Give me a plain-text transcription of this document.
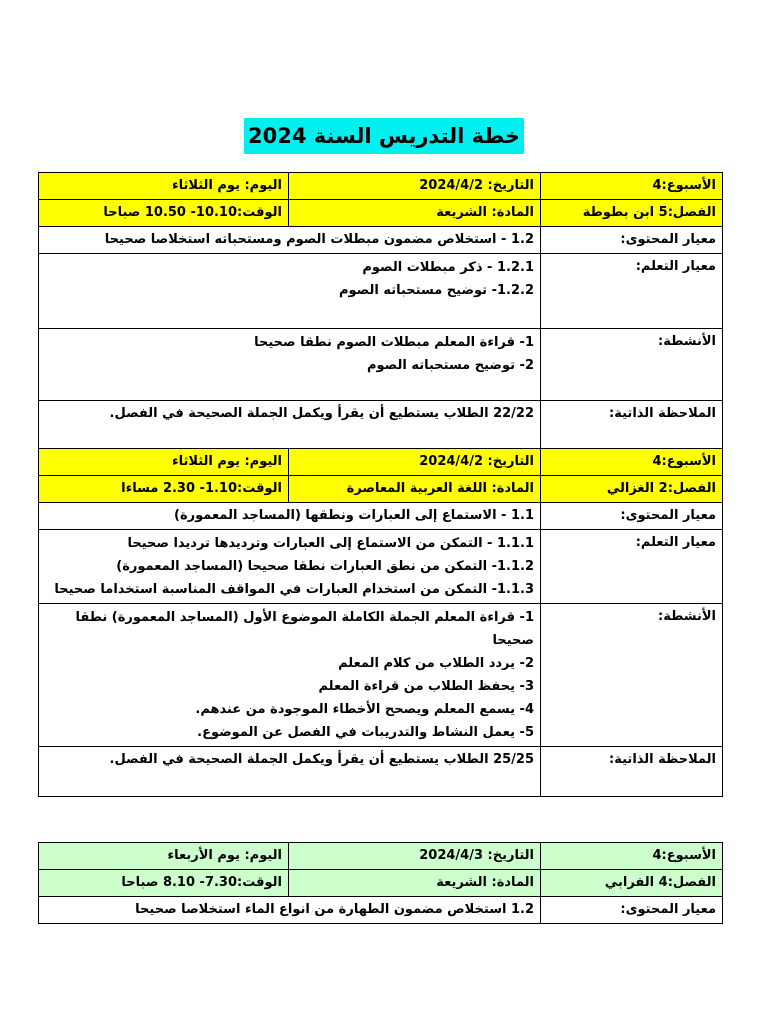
خطة التدريس السنة 2024
الأسبوع:4	التاريخ: 2024/4/2	اليوم: يوم الثلاثاء
الفصل:5 ابن بطوطة	المادة: الشريعة	الوقت:10.10- 10.50 صباحا
معيار المحتوى:	1.2 - استخلاص مضمون مبطلات الصوم ومستحباته استخلاصا صحيحا	
معيار التعلم:	1.2.1 - ذكر مبطلات الصوم
1.2.2- توضيح مستحباته الصوم	

الأنشطة:	1- قراءة المعلم مبطلات الصوم نطقا صحيحا
2- توضيح مستحباته الصوم	

الملاحظة الذاتية:	22/22 الطلاب يستطيع أن يقرأ ويكمل الجملة الصحيحة في الفصل.	
الأسبوع:4	التاريخ: 2024/4/2	اليوم: يوم الثلاثاء
الفصل:2 الغزالي	المادة: اللغة العربية المعاصرة	الوقت:1.10- 2.30 مساءا
معيار المحتوى:	1.1 - الاستماع إلى العبارات ونطقها (المساجد المعمورة)	
معيار التعلم:	1.1.1 - التمكن من الاستماع إلى العبارات وترديدها ترديدا صحيحا
1.1.2- التمكن من نطق العبارات نطقا صحيحا (المساجد المعمورة)
1.1.3- التمكن من استخدام العبارات في المواقف المناسبة استخداما صحيحا	

الأنشطة:	1- قراءة المعلم الجملة الكاملة الموضوع الأول (المساجد المعمورة) نطقا صحيحا
2- يردد الطلاب من كلام المعلم
3- يحفظ الطلاب من قراءة المعلم
4- يسمع المعلم ويصحح الأخطاء الموجودة من عندهم.
5- يعمل النشاط والتدريبات في الفصل عن الموضوع.	

الملاحظة الذاتية:	25/25 الطلاب يستطيع أن يقرأ ويكمل الجملة الصحيحة في الفصل.	
الأسبوع:4	التاريخ: 2024/4/3	اليوم: يوم الأربعاء
الفصل:4 الفرابي	المادة: الشريعة	الوقت:7.30- 8.10 صباحا
معيار المحتوى:	1.2 استخلاص مضمون الطهارة من انواع الماء استخلاصا صحيحا	
